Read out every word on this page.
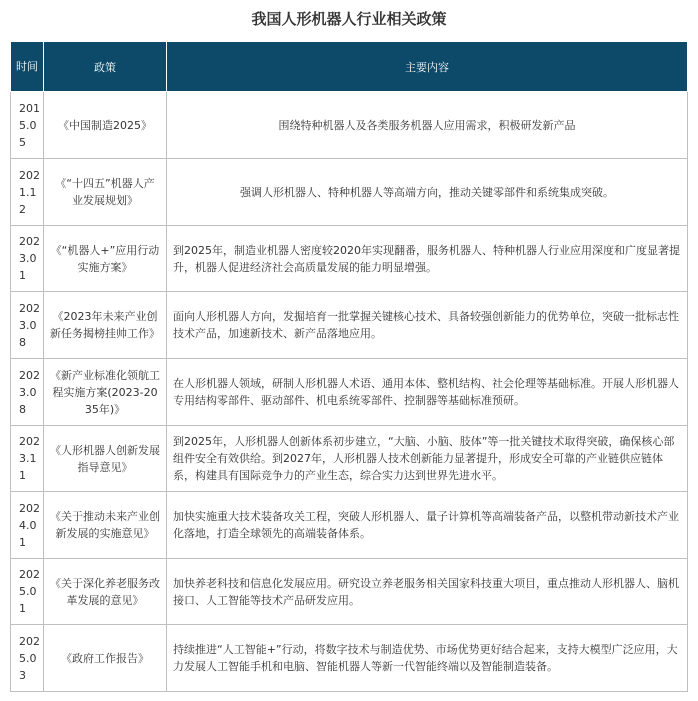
我国人形机器人行业相关政策
时间	政策	主要内容
2015.05	《中国制造2025》	围绕特种机器人及各类服务机器人应用需求，积极研发新产品
2021.12	《“十四五”机器人产业发展规划》	强调人形机器人、特种机器人等高端方向，推动关键零部件和系统集成突破。
2023.01	《“机器人+”应用行动实施方案》	到2025年，制造业机器人密度较2020年实现翻番，服务机器人、特种机器人行业应用深度和广度显著提升，机器人促进经济社会高质量发展的能力明显增强。
2023.08	《2023年未来产业创新任务揭榜挂帅工作》	面向人形机器人方向，发掘培育一批掌握关键核心技术、具备较强创新能力的优势单位，突破一批标志性技术产品，加速新技术、新产品落地应用。
2023.08	《新产业标准化领航工程实施方案(2023-2035年)》	在人形机器人领域，研制人形机器人术语、通用本体、整机结构、社会伦理等基础标准。开展人形机器人专用结构零部件、驱动部件、机电系统零部件、控制器等基础标准预研。
2023.11	《人形机器人创新发展指导意见》	到2025年，人形机器人创新体系初步建立，“大脑、小脑、肢体”等一批关键技术取得突破，确保核心部组件安全有效供给。到2027年，人形机器人技术创新能力显著提升，形成安全可靠的产业链供应链体系，构建具有国际竞争力的产业生态，综合实力达到世界先进水平。
2024.01	《关于推动未来产业创新发展的实施意见》	加快实施重大技术装备攻关工程，突破人形机器人、量子计算机等高端装备产品，以整机带动新技术产业化落地，打造全球领先的高端装备体系。
2025.01	《关于深化养老服务改革发展的意见》	加快养老科技和信息化发展应用。研究设立养老服务相关国家科技重大项目，重点推动人形机器人、脑机接口、人工智能等技术产品研发应用。
2025.03	《政府工作报告》	持续推进“人工智能+”行动，将数字技术与制造优势、市场优势更好结合起来，支持大模型广泛应用，大力发展人工智能手机和电脑、智能机器人等新一代智能终端以及智能制造装备。
